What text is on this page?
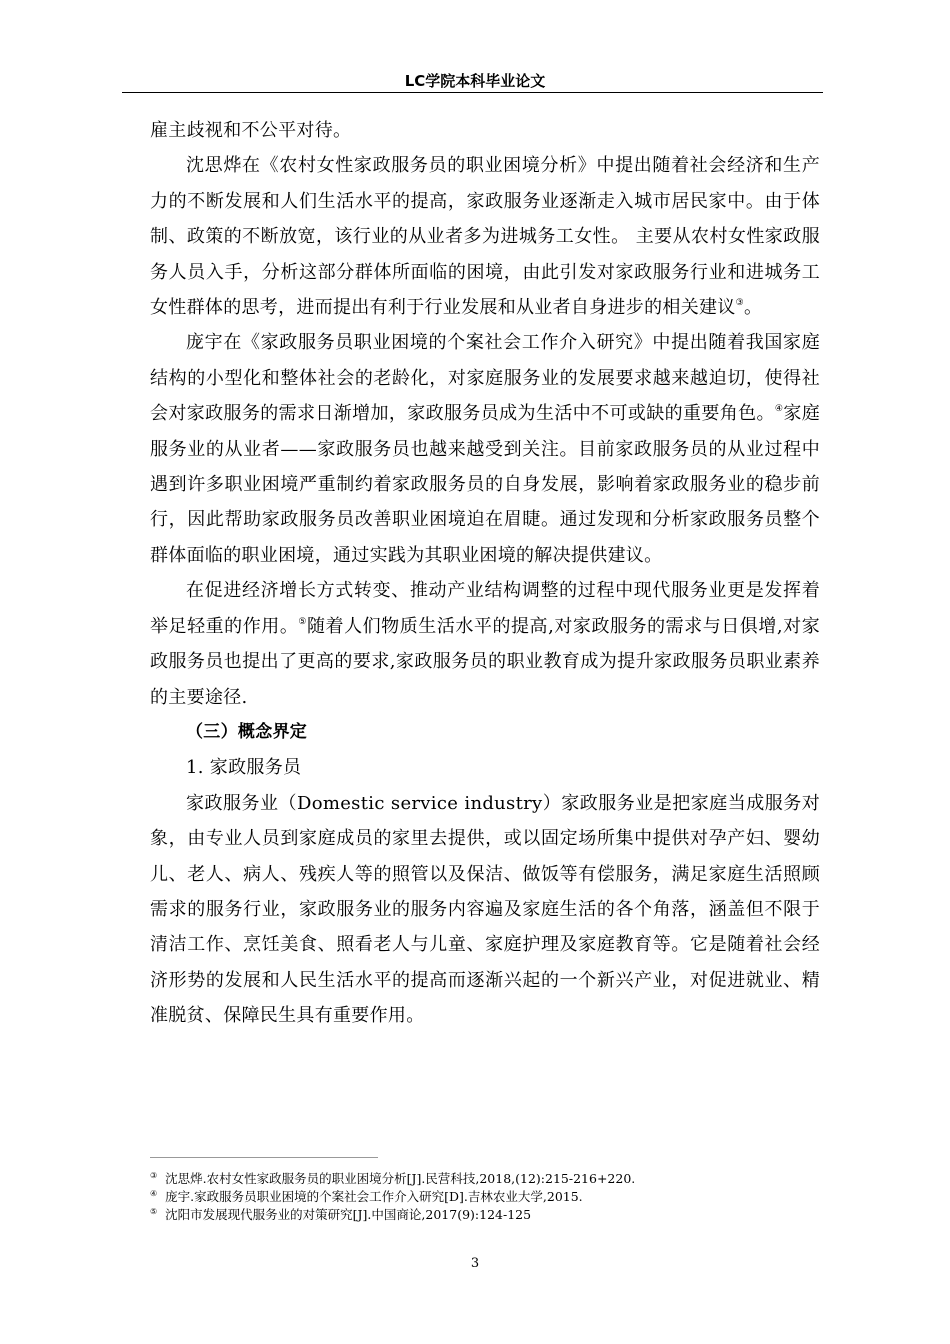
LC学院本科毕业论文

雇主歧视和不公平对待。

沈思烨在《农村女性家政服务员的职业困境分析》中提出随着社会经济和生产力的不断发展和人们生活水平的提高，家政服务业逐渐走入城市居民家中。由于体制、政策的不断放宽，该行业的从业者多为进城务工女性。 主要从农村女性家政服务人员入手，分析这部分群体所面临的困境，由此引发对家政服务行业和进城务工女性群体的思考，进而提出有利于行业发展和从业者自身进步的相关建议③。

庞宇在《家政服务员职业困境的个案社会工作介入研究》中提出随着我国家庭结构的小型化和整体社会的老龄化，对家庭服务业的发展要求越来越迫切，使得社会对家政服务的需求日渐增加，家政服务员成为生活中不可或缺的重要角色。④家庭服务业的从业者——家政服务员也越来越受到关注。目前家政服务员的从业过程中遇到许多职业困境严重制约着家政服务员的自身发展，影响着家政服务业的稳步前行，因此帮助家政服务员改善职业困境迫在眉睫。通过发现和分析家政服务员整个群体面临的职业困境，通过实践为其职业困境的解决提供建议。

在促进经济增长方式转变、推动产业结构调整的过程中现代服务业更是发挥着举足轻重的作用。⑤随着人们物质生活水平的提高,对家政服务的需求与日俱增,对家政服务员也提出了更高的要求,家政服务员的职业教育成为提升家政服务员职业素养的主要途径.

（三）概念界定

1. 家政服务员

家政服务业（Domestic service industry）家政服务业是把家庭当成服务对象，由专业人员到家庭成员的家里去提供，或以固定场所集中提供对孕产妇、婴幼儿、老人、病人、残疾人等的照管以及保洁、做饭等有偿服务，满足家庭生活照顾需求的服务行业，家政服务业的服务内容遍及家庭生活的各个角落，涵盖但不限于清洁工作、烹饪美食、照看老人与儿童、家庭护理及家庭教育等。它是随着社会经济形势的发展和人民生活水平的提高而逐渐兴起的一个新兴产业，对促进就业、精准脱贫、保障民生具有重要作用。

③ 沈思烨.农村女性家政服务员的职业困境分析[J].民营科技,2018,(12):215-216+220.

④ 庞宇.家政服务员职业困境的个案社会工作介入研究[D].吉林农业大学,2015.

⑤ 沈阳市发展现代服务业的对策研究[J].中国商论,2017(9):124-125

3
